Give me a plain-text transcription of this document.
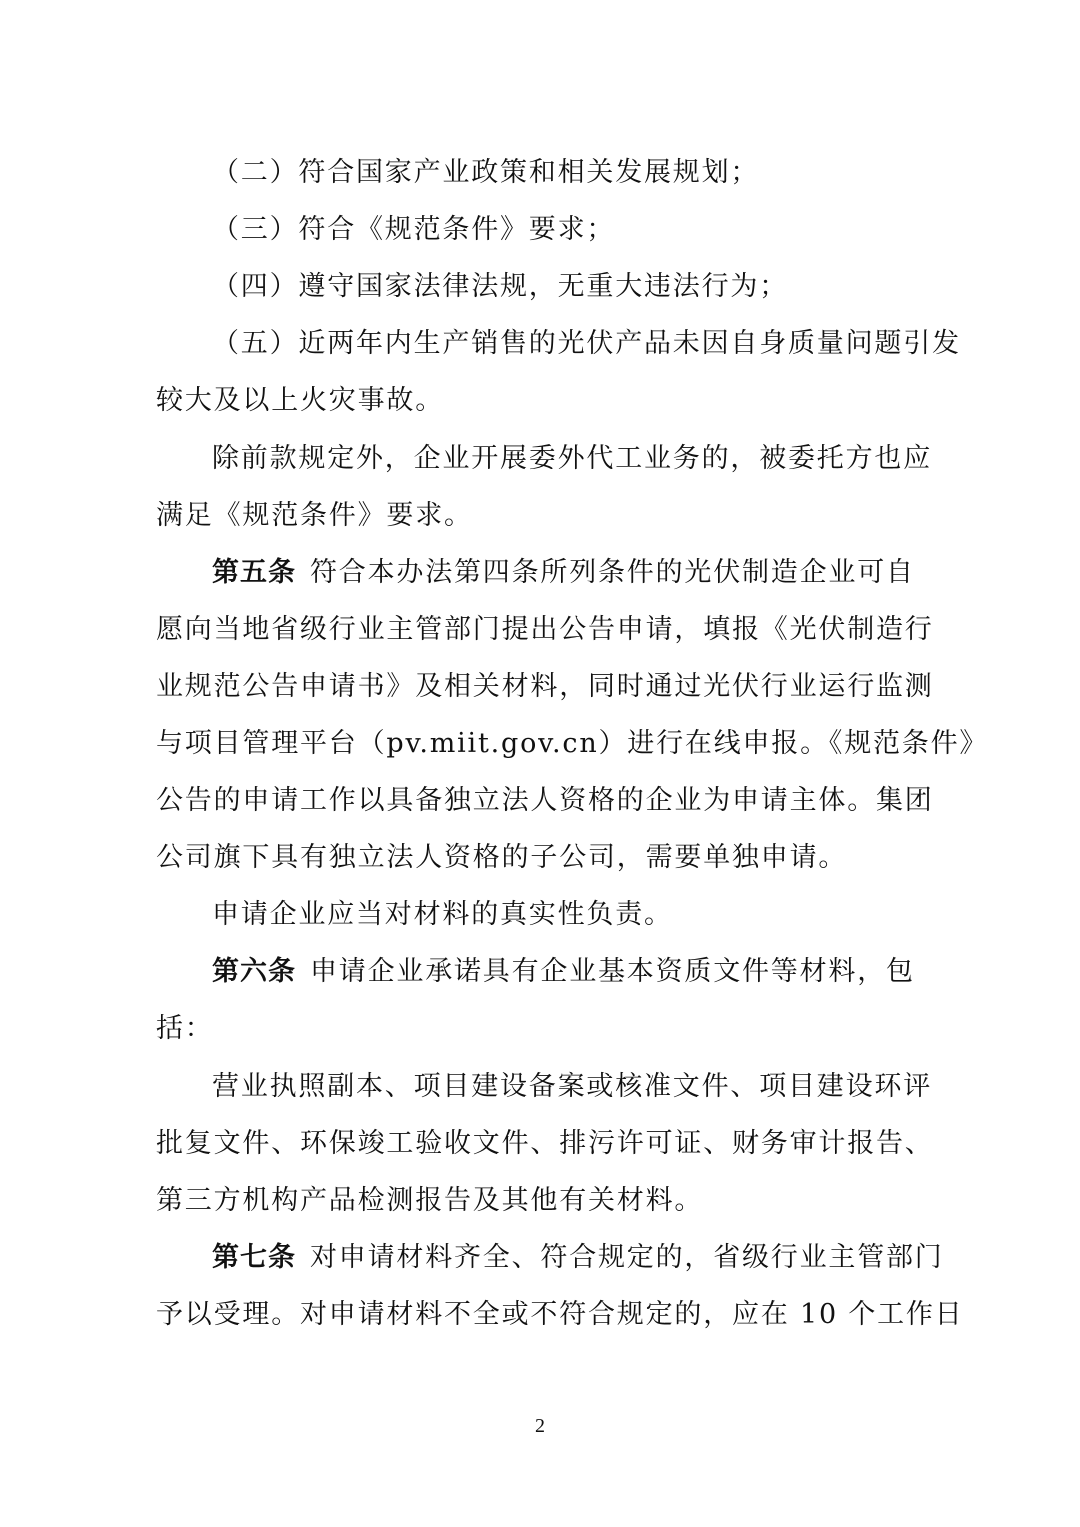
（二）符合国家产业政策和相关发展规划；
（三）符合《规范条件》要求；
（四）遵守国家法律法规，无重大违法行为；
（五）近两年内生产销售的光伏产品未因自身质量问题引发
较大及以上火灾事故。
除前款规定外，企业开展委外代工业务的，被委托方也应
满足《规范条件》要求。
第五条 符合本办法第四条所列条件的光伏制造企业可自
愿向当地省级行业主管部门提出公告申请，填报《光伏制造行
业规范公告申请书》及相关材料，同时通过光伏行业运行监测
与项目管理平台（pv.miit.gov.cn）进行在线申报。《规范条件》
公告的申请工作以具备独立法人资格的企业为申请主体。集团
公司旗下具有独立法人资格的子公司，需要单独申请。
申请企业应当对材料的真实性负责。
第六条 申请企业承诺具有企业基本资质文件等材料，包
括：
营业执照副本、项目建设备案或核准文件、项目建设环评
批复文件、环保竣工验收文件、排污许可证、财务审计报告、
第三方机构产品检测报告及其他有关材料。
第七条 对申请材料齐全、符合规定的，省级行业主管部门
予以受理。对申请材料不全或不符合规定的，应在 10 个工作日
2
